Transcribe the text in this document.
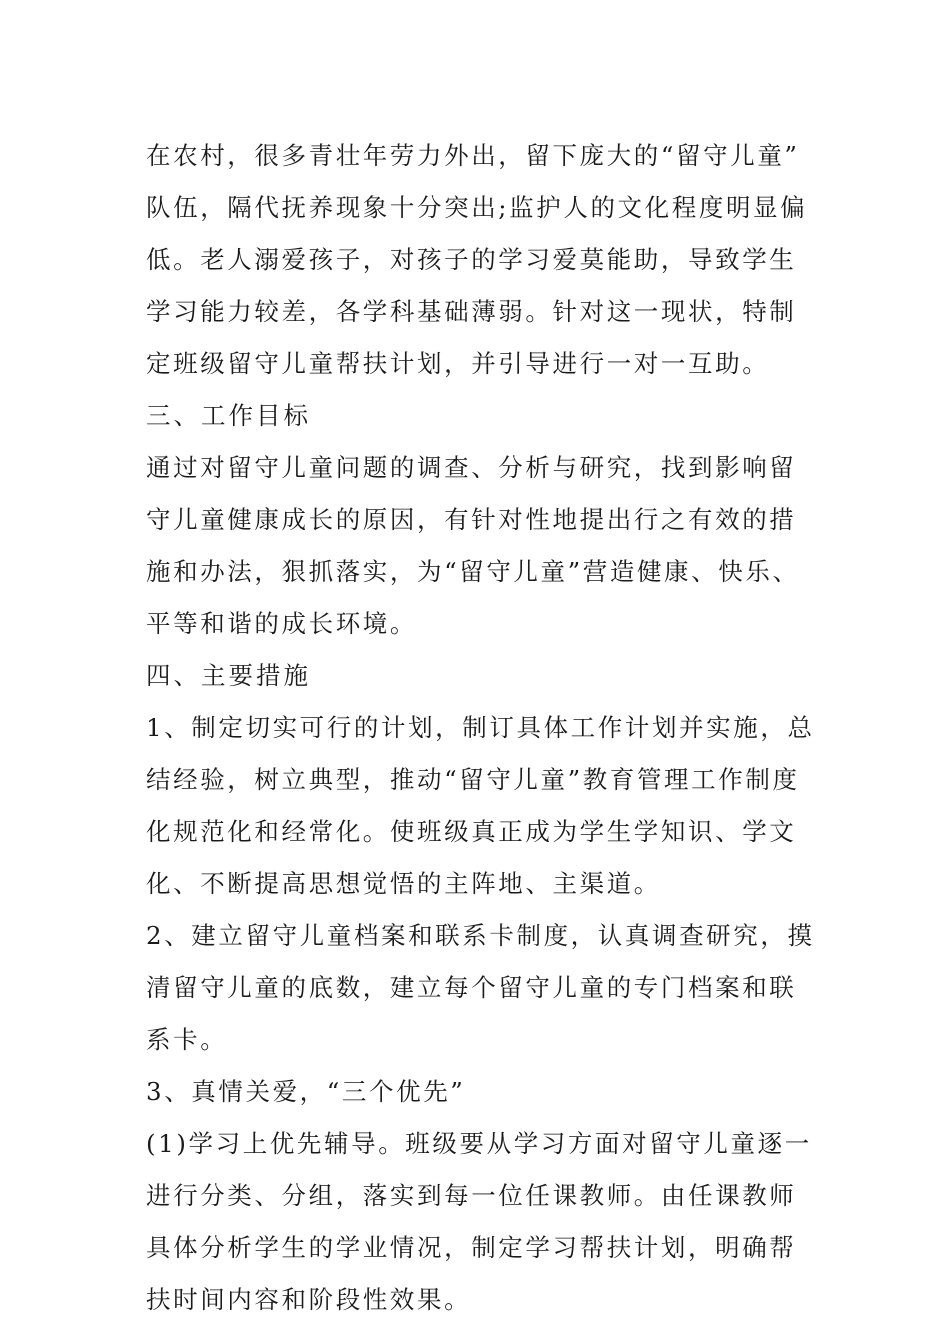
在农村，很多青壮年劳力外出，留下庞大的“留守儿童”队伍，隔代抚养现象十分突出;监护人的文化程度明显偏低。老人溺爱孩子，对孩子的学习爱莫能助，导致学生学习能力较差，各学科基础薄弱。针对这一现状，特制定班级留守儿童帮扶计划，并引导进行一对一互助。

三、工作目标

通过对留守儿童问题的调查、分析与研究，找到影响留守儿童健康成长的原因，有针对性地提出行之有效的措施和办法，狠抓落实，为“留守儿童”营造健康、快乐、平等和谐的成长环境。

四、主要措施

1、制定切实可行的计划，制订具体工作计划并实施，总结经验，树立典型，推动“留守儿童”教育管理工作制度化规范化和经常化。使班级真正成为学生学知识、学文化、不断提高思想觉悟的主阵地、主渠道。

2、建立留守儿童档案和联系卡制度，认真调查研究，摸清留守儿童的底数，建立每个留守儿童的专门档案和联系卡。

3、真情关爱，“三个优先”

(1)学习上优先辅导。班级要从学习方面对留守儿童逐一进行分类、分组，落实到每一位任课教师。由任课教师具体分析学生的学业情况，制定学习帮扶计划，明确帮扶时间内容和阶段性效果。
